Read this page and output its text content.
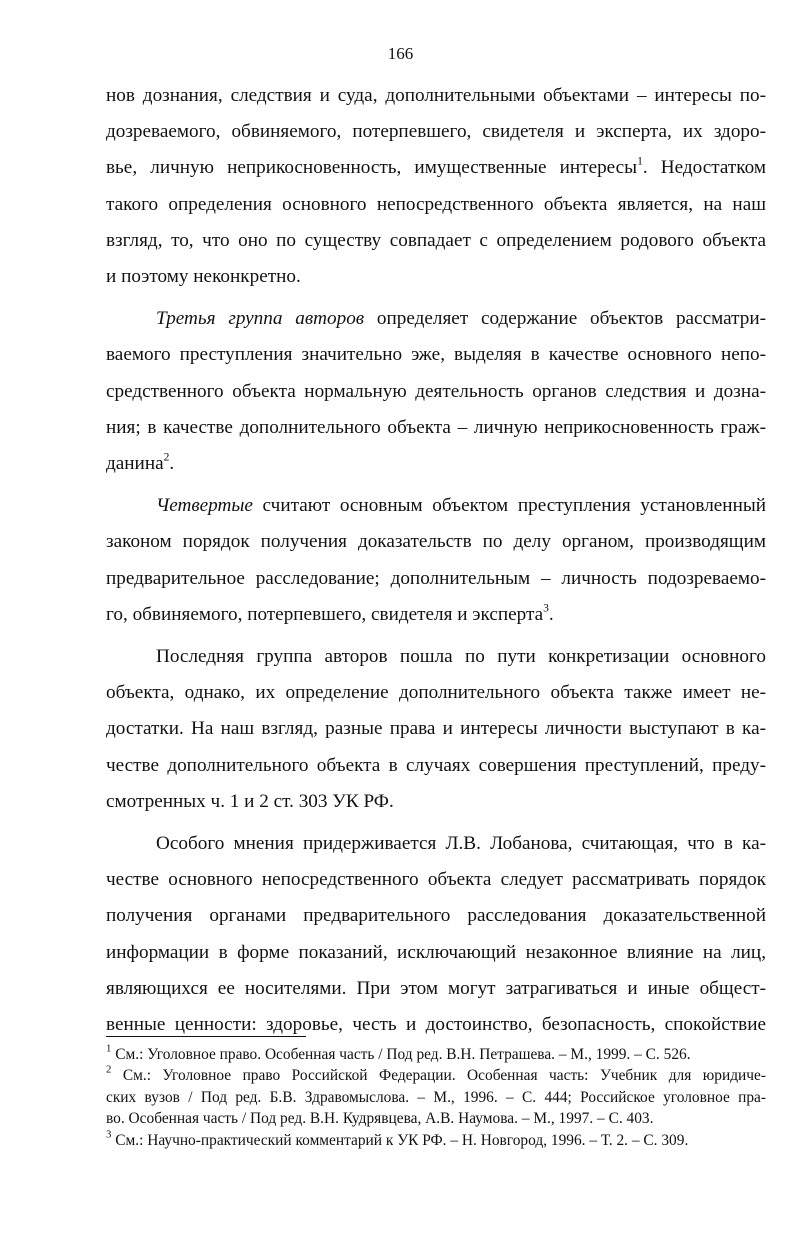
166
нов дознания, следствия и суда, дополнительными объектами – интересы по-
дозреваемого, обвиняемого, потерпевшего, свидетеля и эксперта, их здоро-
вье, личную неприкосновенность, имущественные интересы$^1$. Недостатком
такого определения основного непосредственного объекта является, на наш
взгляд, то, что оно по существу совпадает с определением родового объекта
и поэтому неконкретно.
Третья группа авторов определяет содержание объектов рассматри-
ваемого преступления значительно эже, выделяя в качестве основного непо-
средственного объекта нормальную деятельность органов следствия и дозна-
ния; в качестве дополнительного объекта – личную неприкосновенность граж-
данина$^2$.
Четвертые считают основным объектом преступления установленный
законом порядок получения доказательств по делу органом, производящим
предварительное расследование; дополнительным – личность подозреваемо-
го, обвиняемого, потерпевшего, свидетеля и эксперта$^3$.
Последняя группа авторов пошла по пути конкретизации основного
объекта, однако, их определение дополнительного объекта также имеет не-
достатки. На наш взгляд, разные права и интересы личности выступают в ка-
честве дополнительного объекта в случаях совершения преступлений, преду-
смотренных ч. 1 и 2 ст. 303 УК РФ.
Особого мнения придерживается Л.В. Лобанова, считающая, что в ка-
честве основного непосредственного объекта следует рассматривать порядок
получения органами предварительного расследования доказательственной
информации в форме показаний, исключающий незаконное влияние на лиц,
являющихся ее носителями. При этом могут затрагиваться и иные общест-
венные ценности: здоровье, честь и достоинство, безопасность, спокойствие
$^1$ См.: Уголовное право. Особенная часть / Под ред. В.Н. Петрашева. – М., 1999. – С. 526.
$^2$ См.: Уголовное право Российской Федерации. Особенная часть: Учебник для юридиче-
ских вузов / Под ред. Б.В. Здравомыслова. – М., 1996. – С. 444; Российское уголовное пра-
во. Особенная часть / Под ред. В.Н. Кудрявцева, А.В. Наумова. – М., 1997. – С. 403.
$^3$ См.: Научно-практический комментарий к УК РФ. – Н. Новгород, 1996. – Т. 2. – С. 309.
